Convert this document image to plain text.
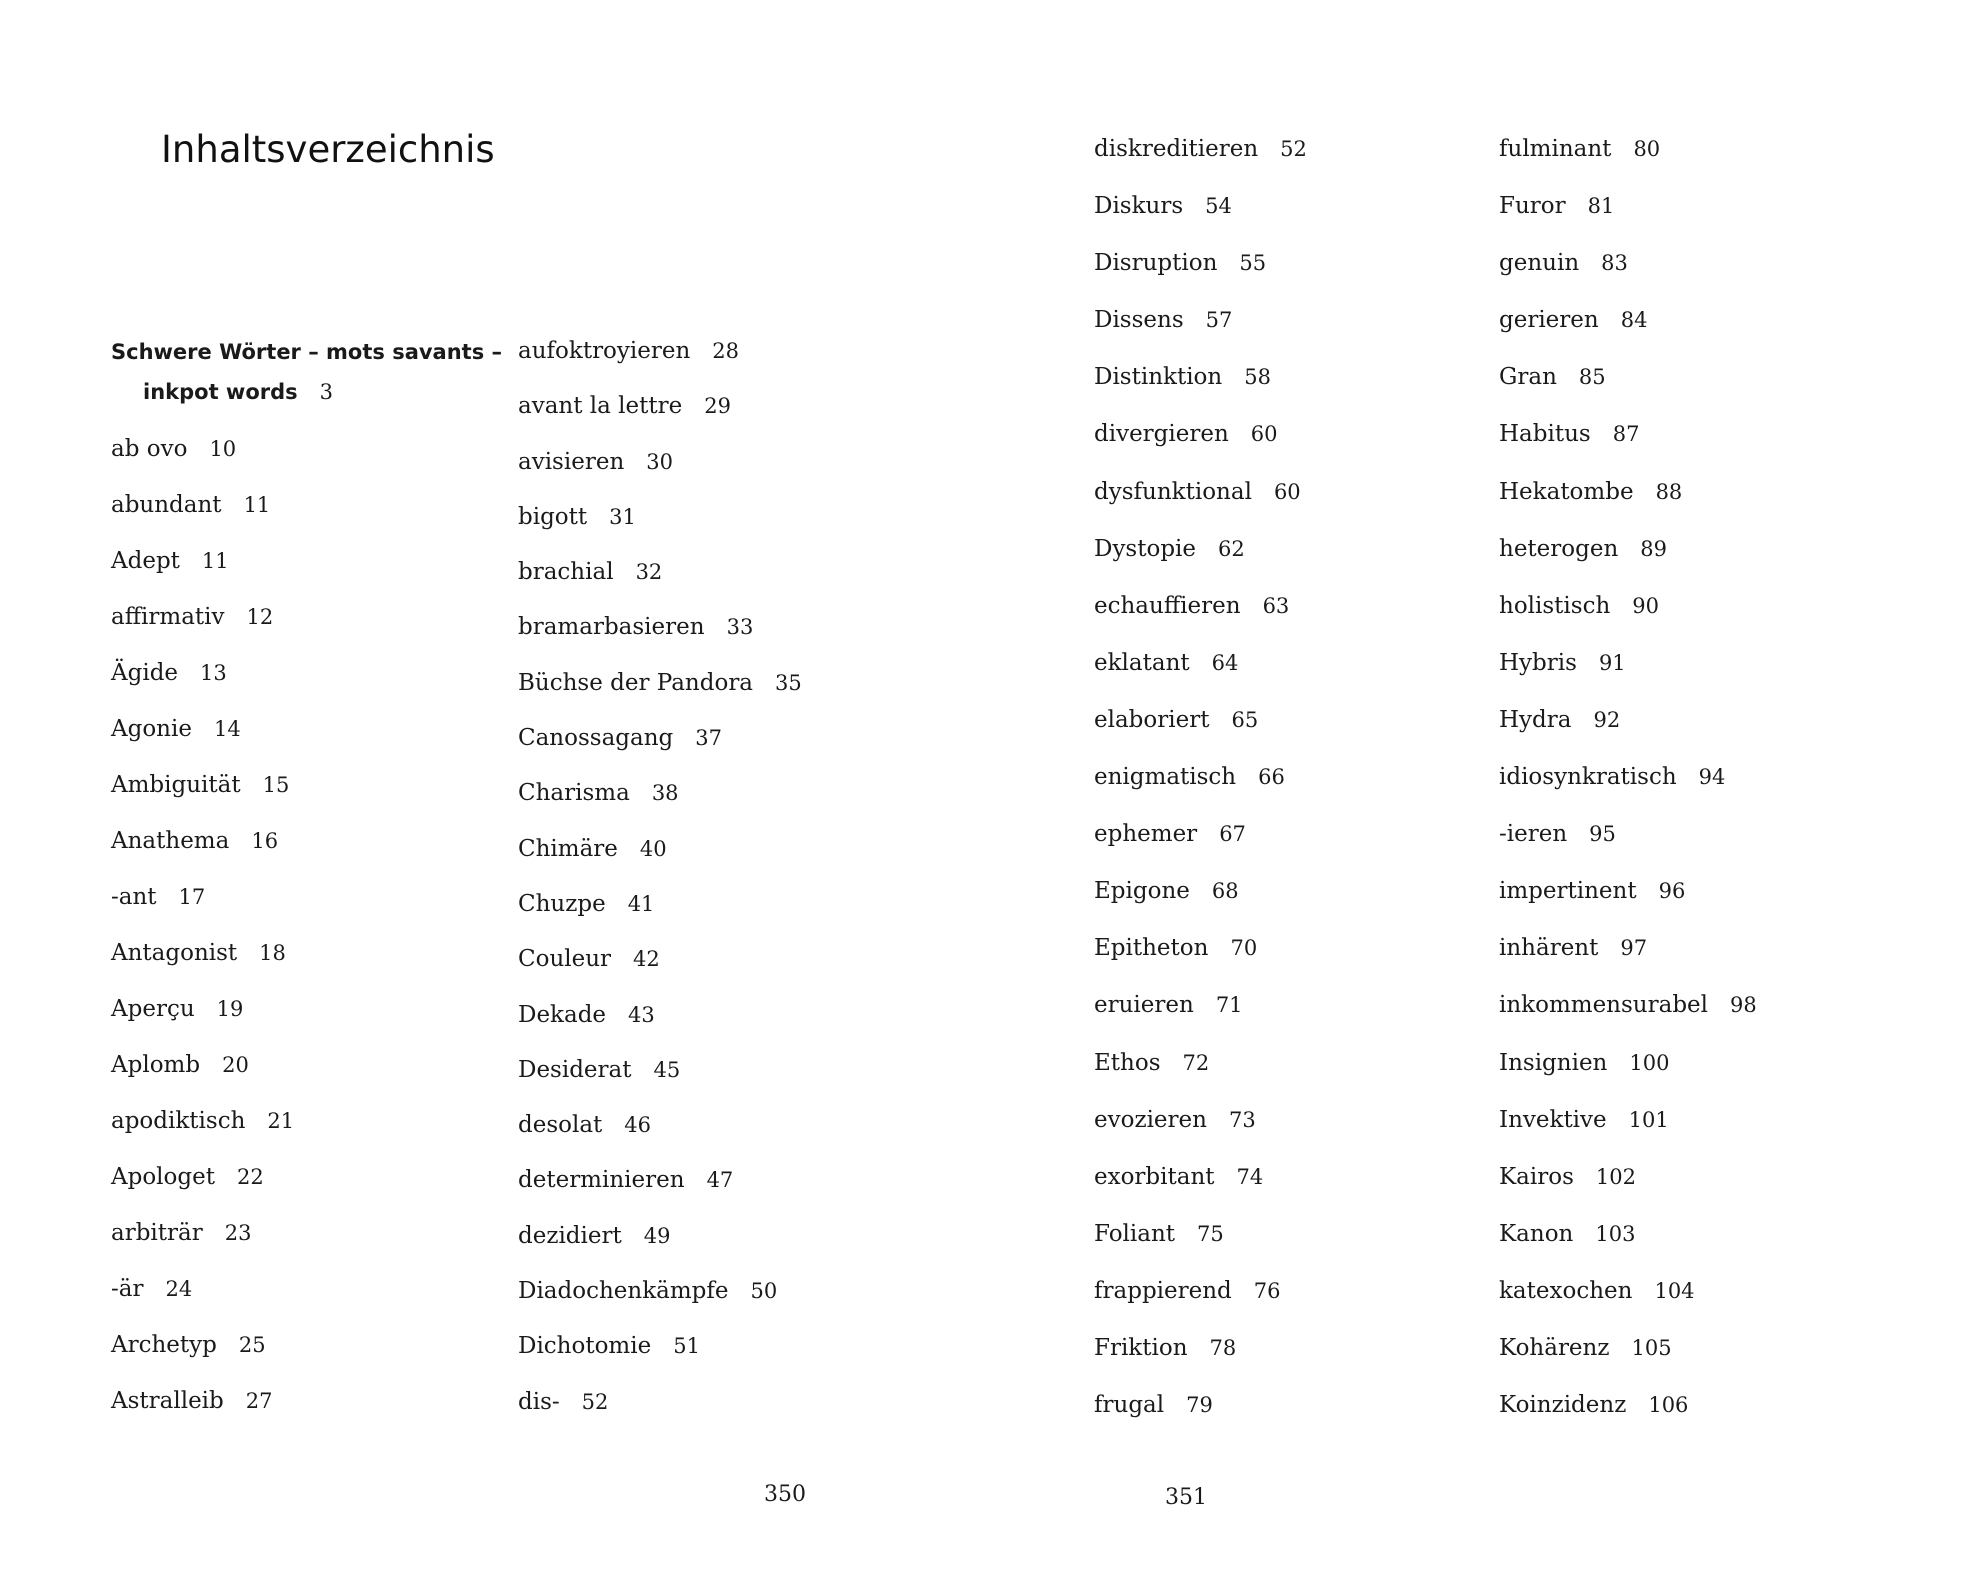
Inhaltsverzeichnis
Schwere Wörter – mots savants –
inkpot words 3
ab ovo 10
abundant 11
Adept 11
affirmativ 12
Ägide 13
Agonie 14
Ambiguität 15
Anathema 16
-ant 17
Antagonist 18
Aperçu 19
Aplomb 20
apodiktisch 21
Apologet 22
arbiträr 23
-är 24
Archetyp 25
Astralleib 27
aufoktroyieren 28
avant la lettre 29
avisieren 30
bigott 31
brachial 32
bramarbasieren 33
Büchse der Pandora 35
Canossagang 37
Charisma 38
Chimäre 40
Chuzpe 41
Couleur 42
Dekade 43
Desiderat 45
desolat 46
determinieren 47
dezidiert 49
Diadochenkämpfe 50
Dichotomie 51
dis- 52
350
diskreditieren 52
Diskurs 54
Disruption 55
Dissens 57
Distinktion 58
divergieren 60
dysfunktional 60
Dystopie 62
echauffieren 63
eklatant 64
elaboriert 65
enigmatisch 66
ephemer 67
Epigone 68
Epitheton 70
eruieren 71
Ethos 72
evozieren 73
exorbitant 74
Foliant 75
frappierend 76
Friktion 78
frugal 79
fulminant 80
Furor 81
genuin 83
gerieren 84
Gran 85
Habitus 87
Hekatombe 88
heterogen 89
holistisch 90
Hybris 91
Hydra 92
idiosynkratisch 94
-ieren 95
impertinent 96
inhärent 97
inkommensurabel 98
Insignien 100
Invektive 101
Kairos 102
Kanon 103
katexochen 104
Kohärenz 105
Koinzidenz 106
351
